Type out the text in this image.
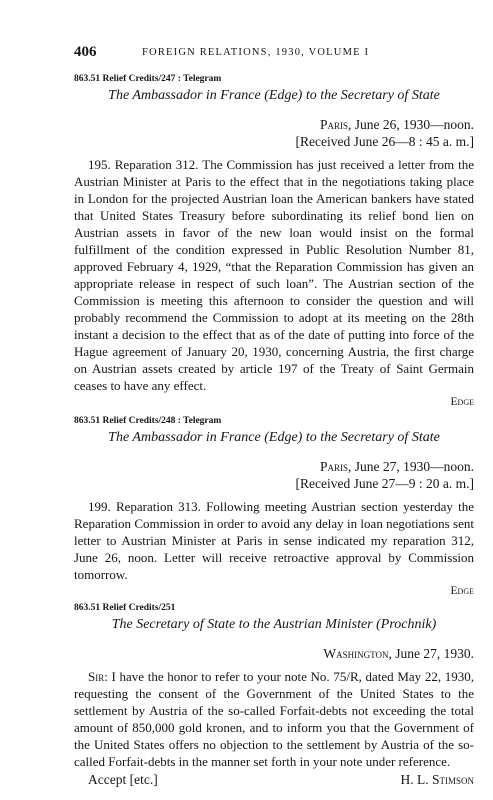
406	FOREIGN RELATIONS, 1930, VOLUME I

863.51 Relief Credits/247 : Telegram

The Ambassador in France (Edge) to the Secretary of State

Paris, June 26, 1930—noon.

[Received June 26—8 : 45 a. m.]

195. Reparation 312. The Commission has just received a letter from the Austrian Minister at Paris to the effect that in the negotiations taking place in London for the projected Austrian loan the American bankers have stated that United States Treasury before subordinating its relief bond lien on Austrian assets in favor of the new loan would insist on the formal fulfillment of the condition expressed in Public Resolution Number 81, approved February 4, 1929, “that the Reparation Commission has given an appropriate release in respect of such loan”. The Austrian section of the Commission is meeting this afternoon to consider the question and will probably recommend the Commission to adopt at its meeting on the 28th instant a decision to the effect that as of the date of putting into force of the Hague agreement of January 20, 1930, concerning Austria, the first charge on Austrian assets created by article 197 of the Treaty of Saint Germain ceases to have any effect.

Edge

863.51 Relief Credits/248 : Telegram

The Ambassador in France (Edge) to the Secretary of State

Paris, June 27, 1930—noon.

[Received June 27—9 : 20 a. m.]

199. Reparation 313. Following meeting Austrian section yesterday the Reparation Commission in order to avoid any delay in loan negotiations sent letter to Austrian Minister at Paris in sense indicated my reparation 312, June 26, noon. Letter will receive retroactive approval by Commission tomorrow.

Edge

863.51 Relief Credits/251

The Secretary of State to the Austrian Minister (Prochnik)

Washington, June 27, 1930.

Sir: I have the honor to refer to your note No. 75/R, dated May 22, 1930, requesting the consent of the Government of the United States to the settlement by Austria of the so-called Forfait-debts not exceeding the total amount of 850,000 gold kronen, and to inform you that the Government of the United States offers no objection to the settlement by Austria of the so-called Forfait-debts in the manner set forth in your note under reference.

Accept [etc.]	H. L. Stimson
